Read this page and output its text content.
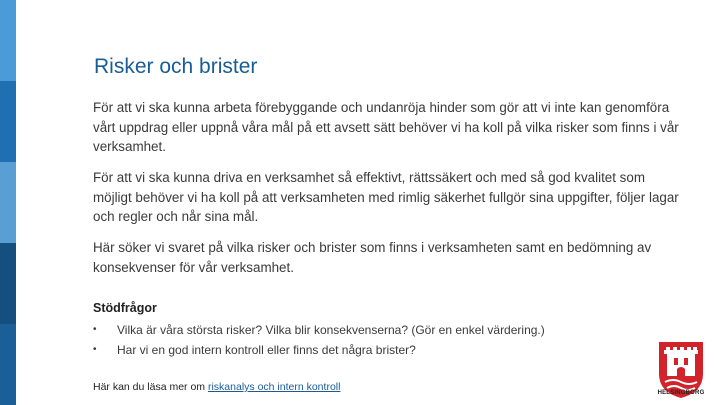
Risker och brister

För att vi ska kunna arbeta förebyggande och undanröja hinder som gör att vi inte kan genomföra vårt uppdrag eller uppnå våra mål på ett avsett sätt behöver vi ha koll på vilka risker som finns i vår verksamhet.

För att vi ska kunna driva en verksamhet så effektivt, rättssäkert och med så god kvalitet som möjligt behöver vi ha koll på att verksamheten med rimlig säkerhet fullgör sina uppgifter, följer lagar och regler och når sina mål.

Här söker vi svaret på vilka risker och brister som finns i verksamheten samt en bedömning av konsekvenser för vår verksamhet.

Stödfrågor

• Vilka är våra största risker? Vilka blir konsekvenserna? (Gör en enkel värdering.)
• Har vi en god intern kontroll eller finns det några brister?

Här kan du läsa mer om riskanalys och intern kontroll	HELSINGBORG
